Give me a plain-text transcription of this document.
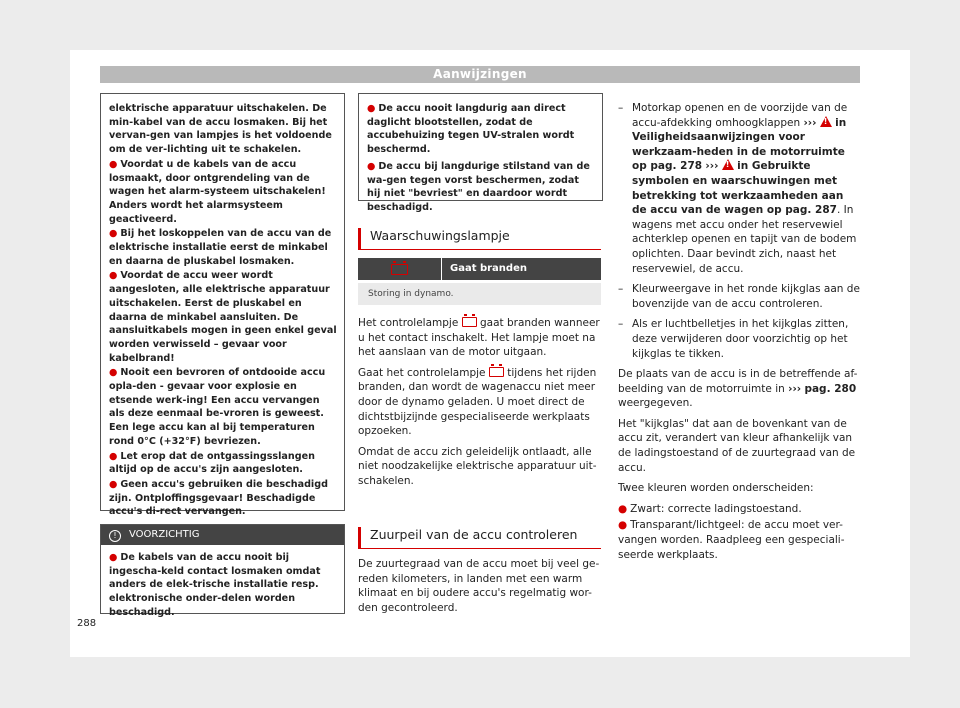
Aanwijzingen

elektrische apparatuur uitschakelen. De min-kabel van de accu losmaken. Bij het vervan-gen van lampjes is het voldoende om de ver-lichting uit te schakelen.

● Voordat u de kabels van de accu losmaakt, door ontgrendeling van de wagen het alarm-systeem uitschakelen! Anders wordt het alarmsysteem geactiveerd.

● Bij het loskoppelen van de accu van de elektrische installatie eerst de minkabel en daarna de pluskabel losmaken.

● Voordat de accu weer wordt aangesloten, alle elektrische apparatuur uitschakelen. Eerst de pluskabel en daarna de minkabel aansluiten. De aansluitkabels mogen in geen enkel geval worden verwisseld – gevaar voor kabelbrand!

● Nooit een bevroren of ontdooide accu opla-den - gevaar voor explosie en etsende werk-ing! Een accu vervangen als deze eenmaal be-vroren is geweest. Een lege accu kan al bij temperaturen rond 0°C (+32°F) bevriezen.

● Let erop dat de ontgassingsslangen altijd op de accu's zijn aangesloten.

● Geen accu's gebruiken die beschadigd zijn. Ontploffingsgevaar! Beschadigde accu's di-rect vervangen.

! VOORZICHTIG
● De kabels van de accu nooit bij ingescha-keld contact losmaken omdat anders de elek-trische installatie resp. elektronische onder-delen worden beschadigd.

● De accu nooit langdurig aan direct daglicht blootstellen, zodat de accubehuizing tegen UV-stralen wordt beschermd.

● De accu bij langdurige stilstand van de wa-gen tegen vorst beschermen, zodat hij niet "bevriest" en daardoor wordt beschadigd.

Waarschuwingslampje
Gaat branden
Storing in dynamo.

Het controlelampje gaat branden wanneer u het contact inschakelt. Het lampje moet na het aanslaan van de motor uitgaan.

Gaat het controlelampje tijdens het rijden branden, dan wordt de wagenaccu niet meer door de dynamo geladen. U moet direct de dichtstbijzijnde gespecialiseerde werkplaats opzoeken.

Omdat de accu zich geleidelijk ontlaadt, alle niet noodzakelijke elektrische apparatuur uit-schakelen.

Zuurpeil van de accu controleren

De zuurtegraad van de accu moet bij veel ge-reden kilometers, in landen met een warm klimaat en bij oudere accu's regelmatig wor-den gecontroleerd.

– Motorkap openen en de voorzijde van de accu-afdekking omhoogklappen ››› ! in Veiligheidsaanwijzingen voor werkzaam-heden in de motorruimte op pag. 278 ››› ! in Gebruikte symbolen en waarschuwingen met betrekking tot werkzaamheden aan de accu van de wagen op pag. 287. In wagens met accu onder het reservewiel achterklep openen en tapijt van de bodem oplichten. Daar bevindt zich, naast het reservewiel, de accu.

– Kleurweergave in het ronde kijkglas aan de bovenzijde van de accu controleren.

– Als er luchtbelletjes in het kijkglas zitten, deze verwijderen door voorzichtig op het kijkglas te tikken.

De plaats van de accu is in de betreffende af-beelding van de motorruimte in ››› pag. 280 weergegeven.

Het "kijkglas" dat aan de bovenkant van de accu zit, verandert van kleur afhankelijk van de ladingstoestand of de zuurtegraad van de accu.

Twee kleuren worden onderscheiden:

● Zwart: correcte ladingstoestand.

● Transparant/lichtgeel: de accu moet ver-vangen worden. Raadpleeg een gespeciali-seerde werkplaats.

288
